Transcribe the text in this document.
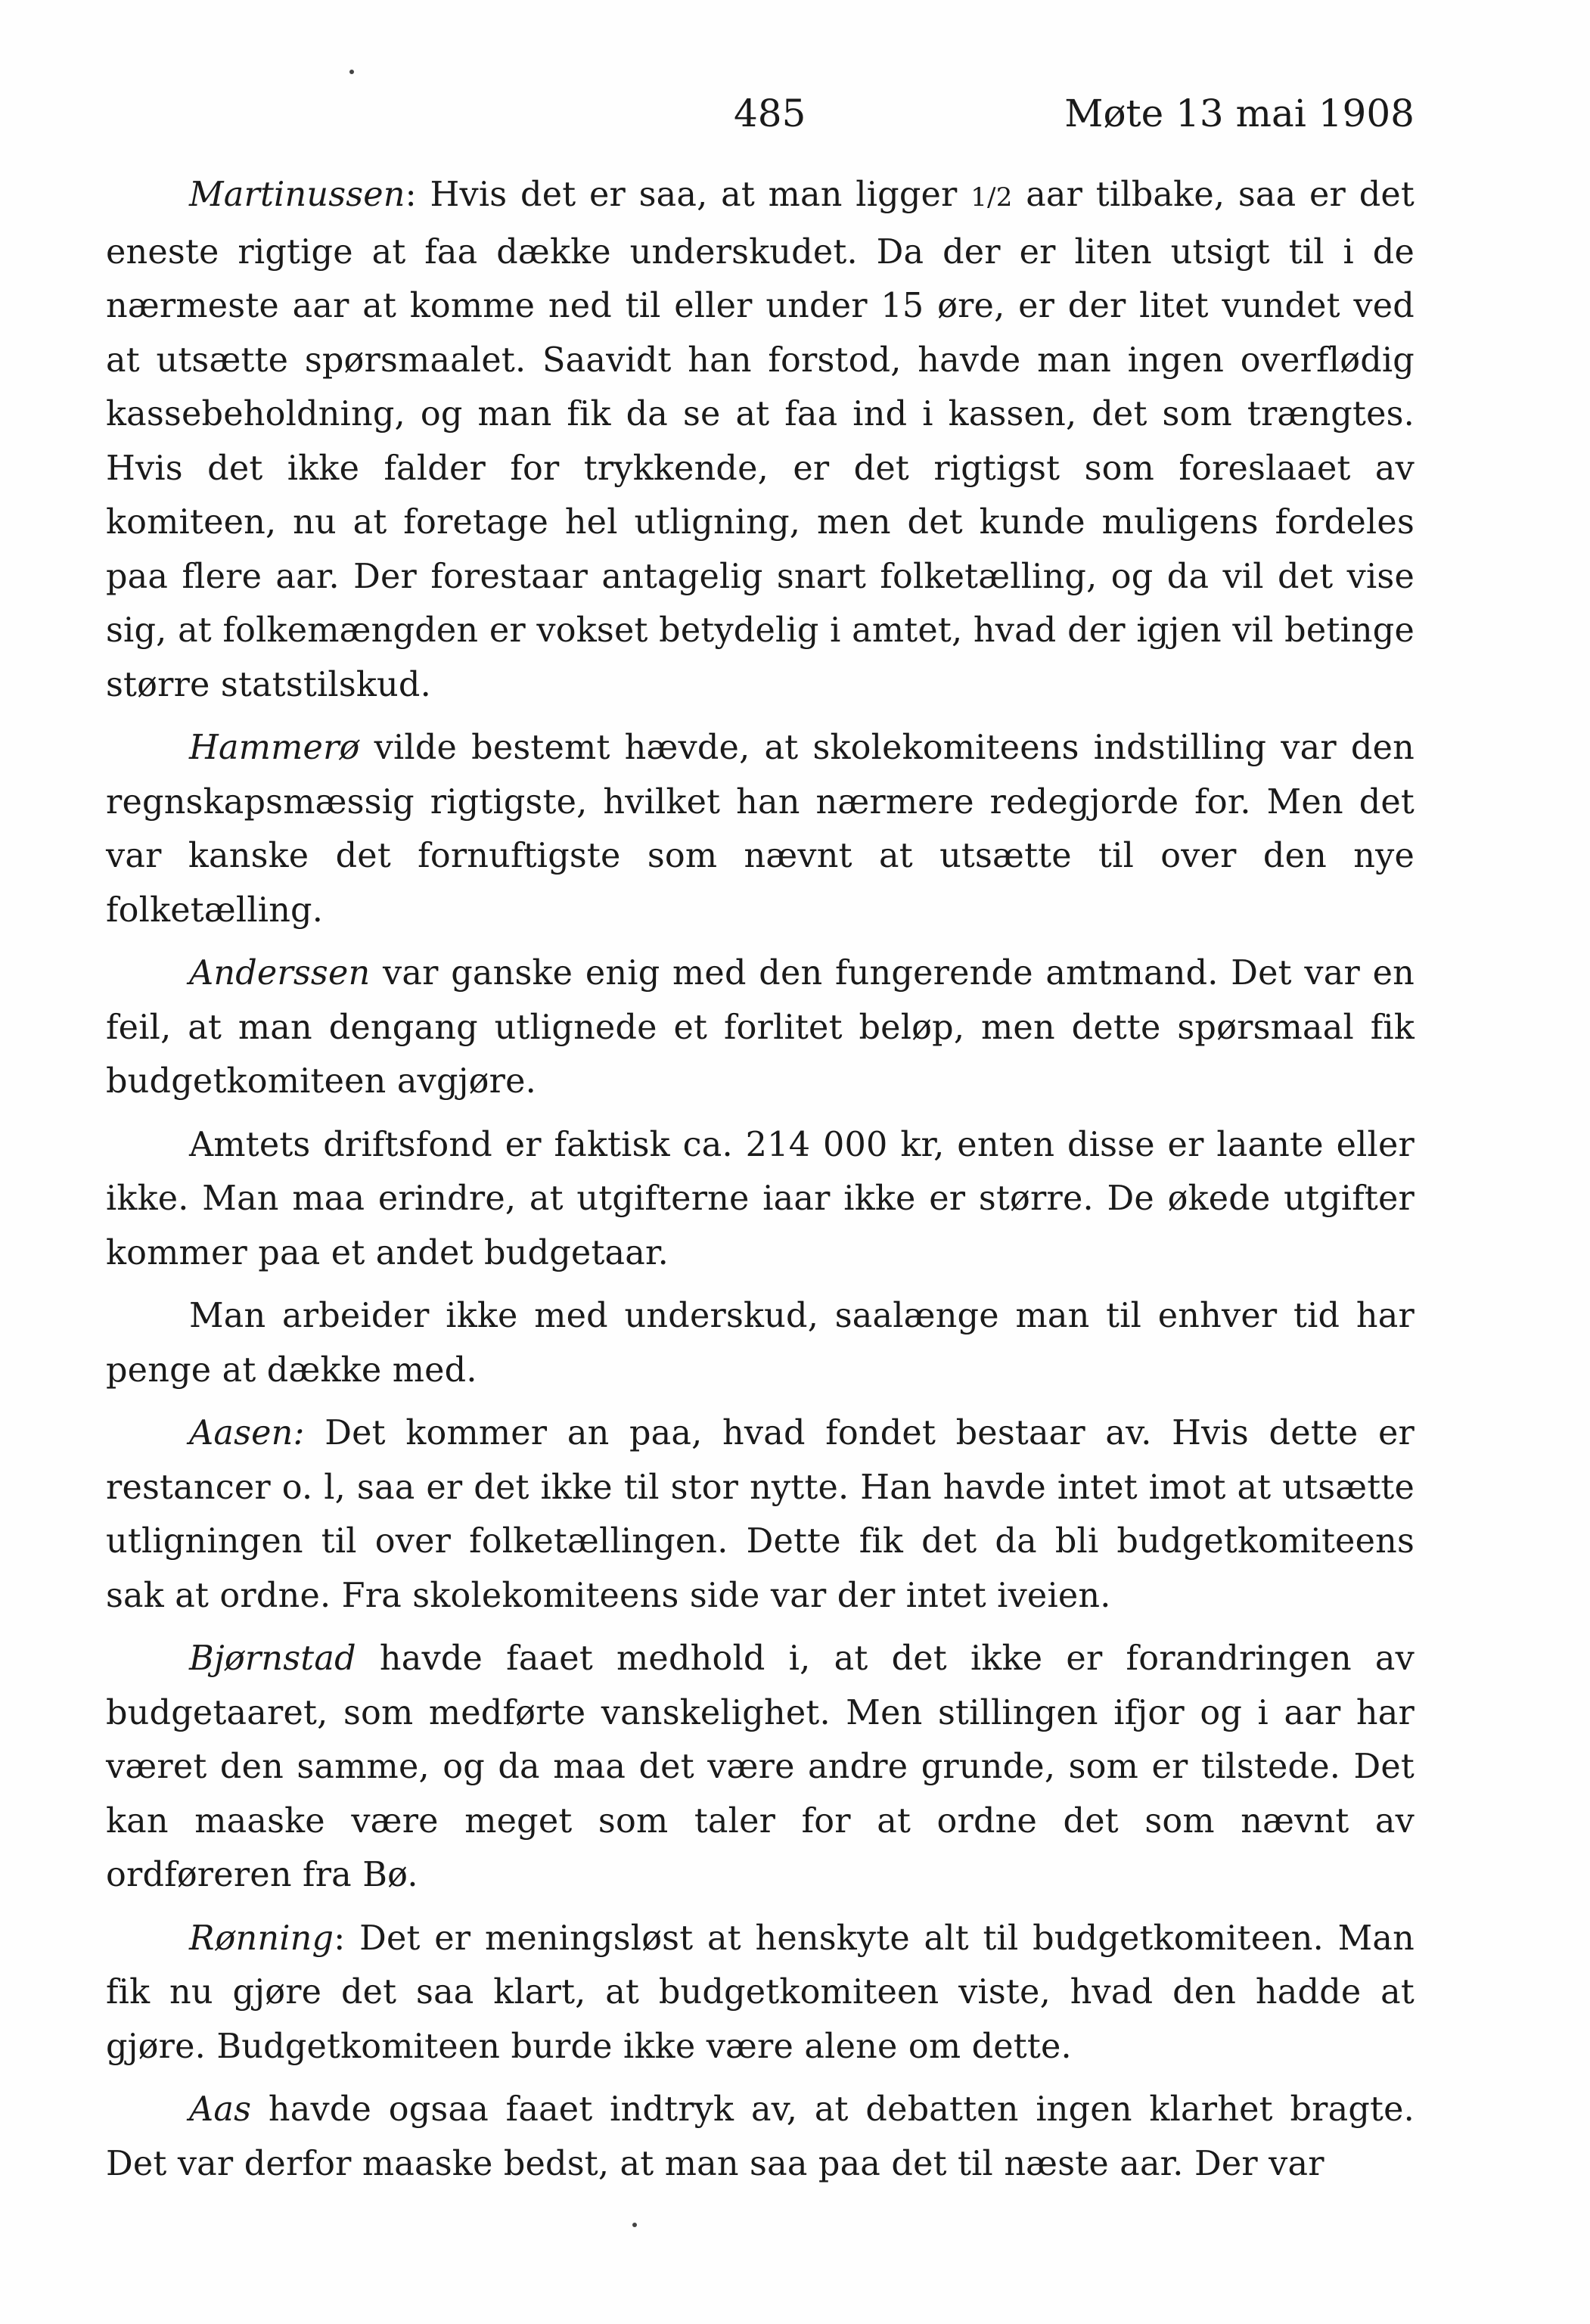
485	Møte 13 mai 1908

Martinussen: Hvis det er saa, at man ligger 1/2 aar tilbake, saa er det eneste rigtige at faa dække underskudet. Da der er liten utsigt til i de nærmeste aar at komme ned til eller under 15 øre, er der litet vundet ved at utsætte spørsmaalet. Saavidt han forstod, havde man ingen overflødig kassebeholdning, og man fik da se at faa ind i kassen, det som trængtes. Hvis det ikke falder for trykkende, er det rigtigst som foreslaaet av komiteen, nu at foretage hel utligning, men det kunde muligens fordeles paa flere aar. Der forestaar antagelig snart folketælling, og da vil det vise sig, at folkemængden er vokset betydelig i amtet, hvad der igjen vil betinge større statstilskud.

Hammerø vilde bestemt hævde, at skolekomiteens indstilling var den regnskapsmæssig rigtigste, hvilket han nærmere redegjorde for. Men det var kanske det fornuftigste som nævnt at utsætte til over den nye folketælling.

Anderssen var ganske enig med den fungerende amtmand. Det var en feil, at man dengang utlignede et forlitet beløp, men dette spørsmaal fik budgetkomiteen avgjøre.

Amtets driftsfond er faktisk ca. 214 000 kr, enten disse er laante eller ikke. Man maa erindre, at utgifterne iaar ikke er større. De økede utgifter kommer paa et andet budgetaar.

Man arbeider ikke med underskud, saalænge man til enhver tid har penge at dække med.

Aasen: Det kommer an paa, hvad fondet bestaar av. Hvis dette er restancer o. l, saa er det ikke til stor nytte. Han havde intet imot at utsætte utligningen til over folketællingen. Dette fik det da bli budgetkomiteens sak at ordne. Fra skolekomiteens side var der intet iveien.

Bjørnstad havde faaet medhold i, at det ikke er forandringen av budgetaaret, som medførte vanskelighet. Men stillingen ifjor og i aar har været den samme, og da maa det være andre grunde, som er tilstede. Det kan maaske være meget som taler for at ordne det som nævnt av ordføreren fra Bø.

Rønning: Det er meningsløst at henskyte alt til budgetkomiteen. Man fik nu gjøre det saa klart, at budgetkomiteen viste, hvad den hadde at gjøre. Budgetkomiteen burde ikke være alene om dette.

Aas havde ogsaa faaet indtryk av, at debatten ingen klarhet bragte. Det var derfor maaske bedst, at man saa paa det til næste aar. Der var
